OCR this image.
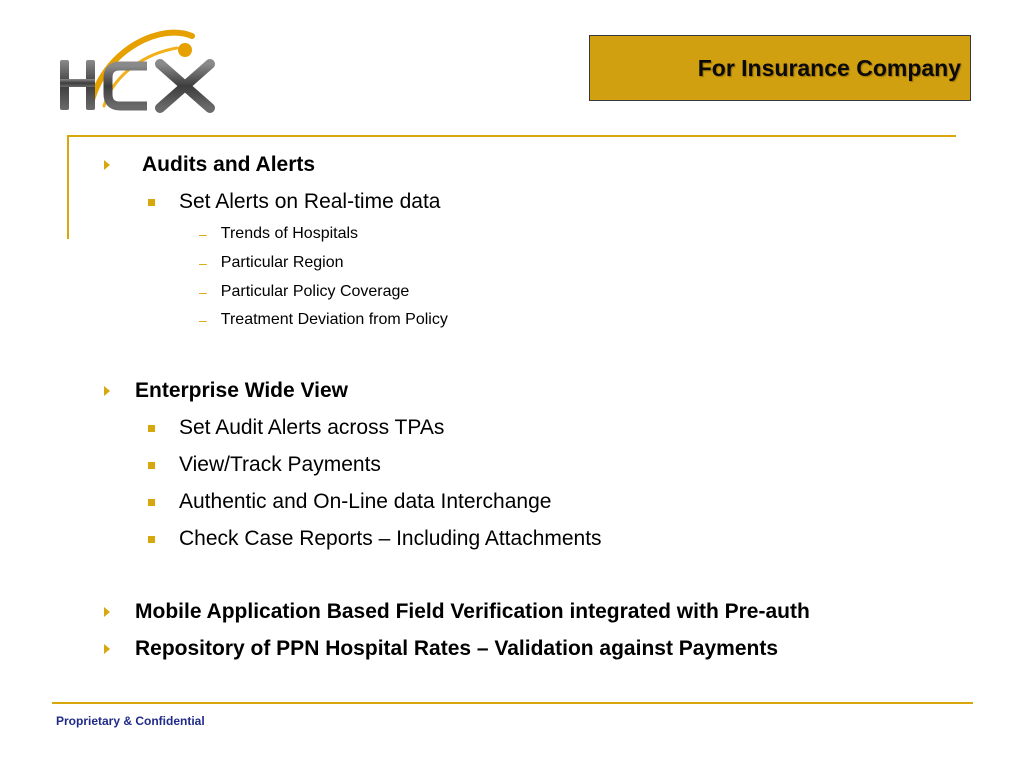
For Insurance Company
Audits and Alerts
Set Alerts on Real-time data
– Trends of Hospitals
– Particular Region
– Particular Policy Coverage
– Treatment Deviation from Policy
Enterprise Wide View
Set Audit Alerts across TPAs
View/Track Payments
Authentic and On-Line data Interchange
Check Case Reports – Including Attachments
Mobile Application Based Field Verification integrated with Pre-auth
Repository of PPN Hospital Rates – Validation against Payments
Proprietary & Confidential
